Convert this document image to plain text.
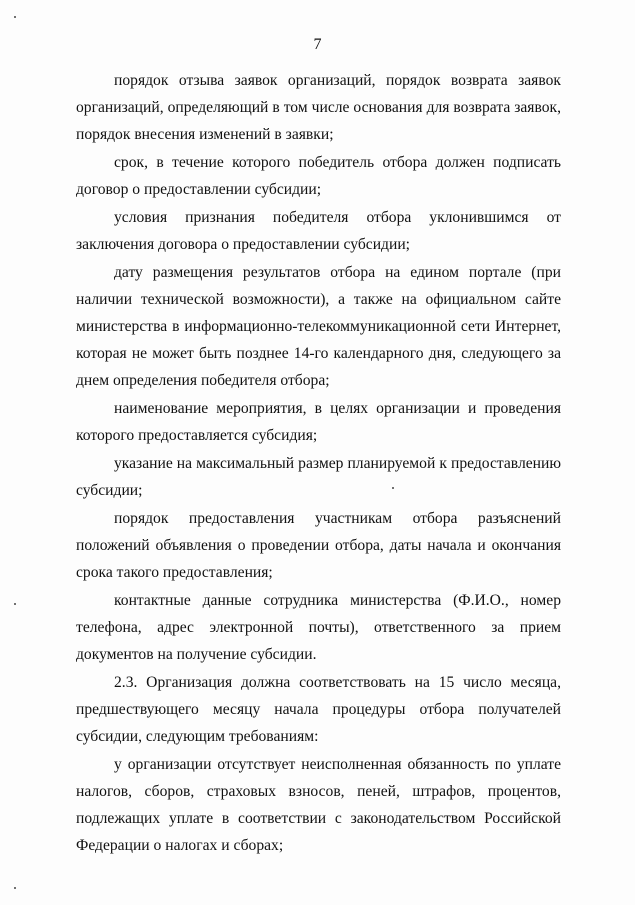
7

порядок отзыва заявок организаций, порядок возврата заявок организаций, определяющий в том числе основания для возврата заявок, порядок внесения изменений в заявки;

срок, в течение которого победитель отбора должен подписать договор о предоставлении субсидии;

условия признания победителя отбора уклонившимся от заключения договора о предоставлении субсидии;

дату размещения результатов отбора на едином портале (при наличии технической возможности), а также на официальном сайте министерства в информационно-телекоммуникационной сети Интернет, которая не может быть позднее 14-го календарного дня, следующего за днем определения победителя отбора;

наименование мероприятия, в целях организации и проведения которого предоставляется субсидия;

указание на максимальный размер планируемой к предоставлению субсидии;

порядок предоставления участникам отбора разъяснений положений объявления о проведении отбора, даты начала и окончания срока такого предоставления;

контактные данные сотрудника министерства (Ф.И.О., номер телефона, адрес электронной почты), ответственного за прием документов на получение субсидии.

2.3. Организация должна соответствовать на 15 число месяца, предшествующего месяцу начала процедуры отбора получателей субсидии, следующим требованиям:

у организации отсутствует неисполненная обязанность по уплате налогов, сборов, страховых взносов, пеней, штрафов, процентов, подлежащих уплате в соответствии с законодательством Российской Федерации о налогах и сборах;
